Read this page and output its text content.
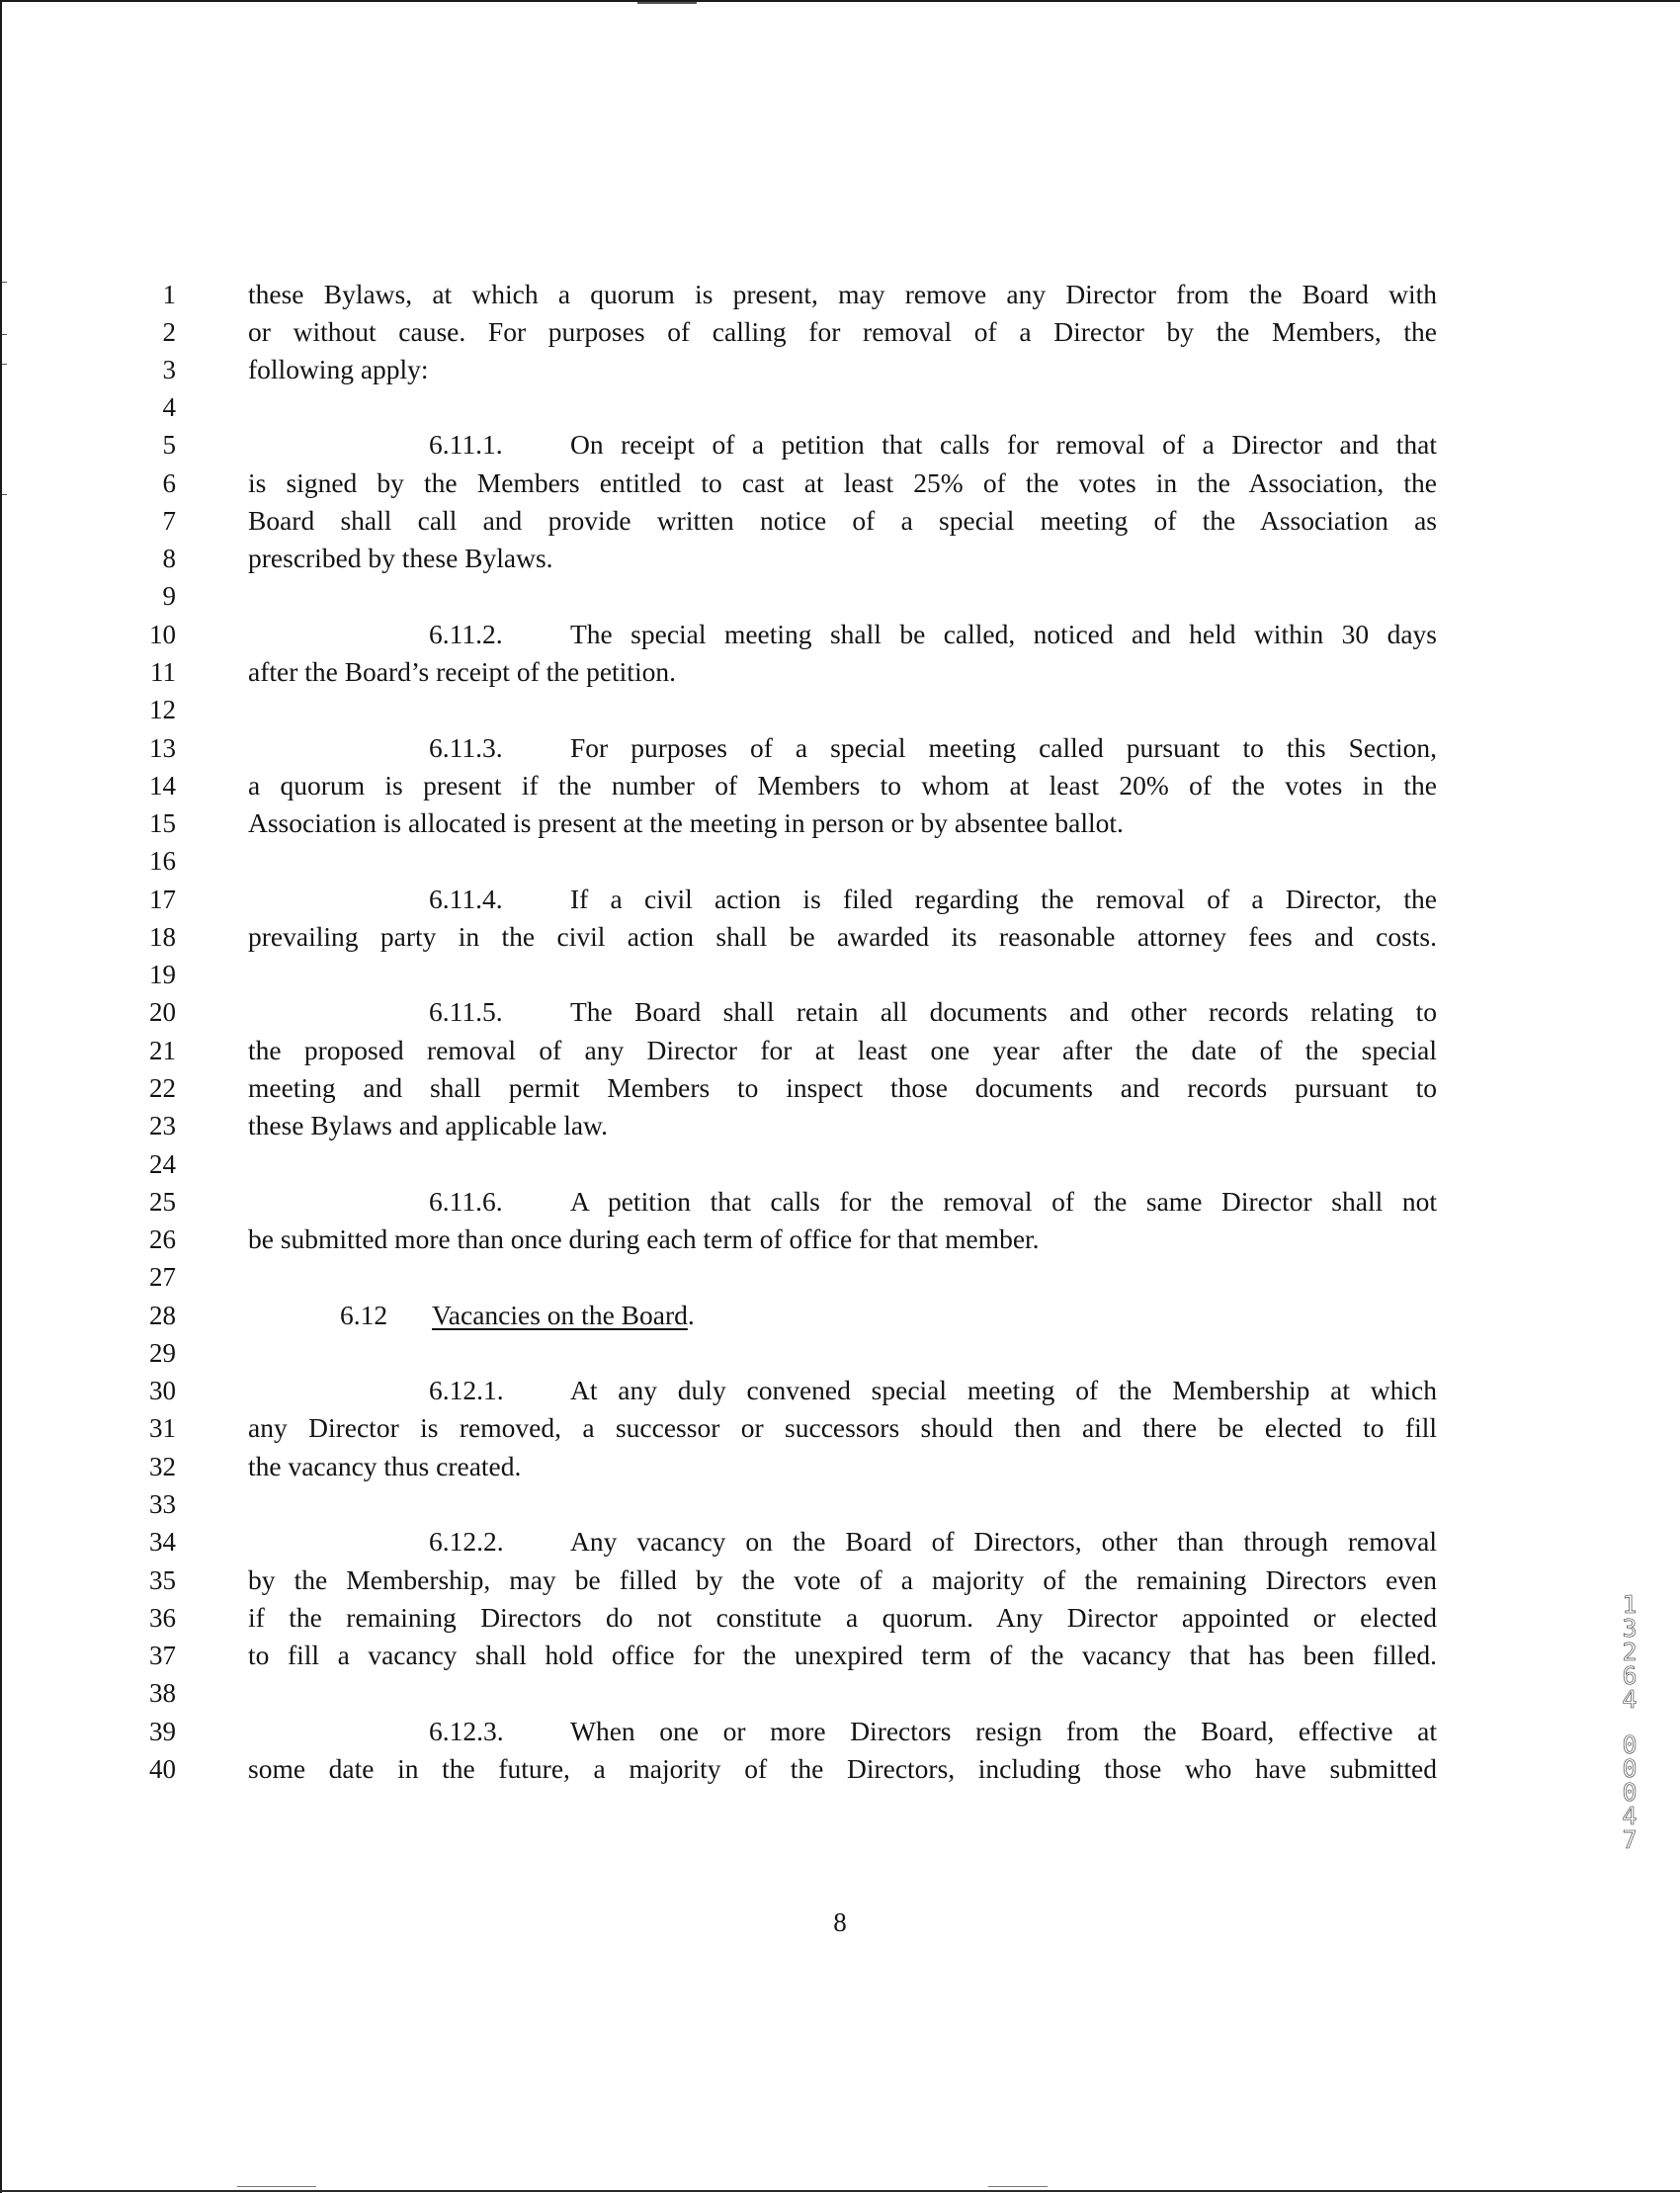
1
2
3
4
5
6
7
8
9
10
11
12
13
14
15
16
17
18
19
20
21
22
23
24
25
26
27
28
29
30
31
32
33
34
35
36
37
38
39
40
these Bylaws, at which a quorum is present, may remove any Director from the Board with
or without cause. For purposes of calling for removal of a Director by the Members, the
following apply:
6.11.1. On receipt of a petition that calls for removal of a Director and that
is signed by the Members entitled to cast at least 25% of the votes in the Association, the
Board shall call and provide written notice of a special meeting of the Association as
prescribed by these Bylaws.
6.11.2. The special meeting shall be called, noticed and held within 30 days
after the Board’s receipt of the petition.
6.11.3. For purposes of a special meeting called pursuant to this Section,
a quorum is present if the number of Members to whom at least 20% of the votes in the
Association is allocated is present at the meeting in person or by absentee ballot.
6.11.4. If a civil action is filed regarding the removal of a Director, the
prevailing party in the civil action shall be awarded its reasonable attorney fees and costs.
6.11.5. The Board shall retain all documents and other records relating to
the proposed removal of any Director for at least one year after the date of the special
meeting and shall permit Members to inspect those documents and records pursuant to
these Bylaws and applicable law.
6.11.6. A petition that calls for the removal of the same Director shall not
be submitted more than once during each term of office for that member.
6.12 Vacancies on the Board.
6.12.1. At any duly convened special meeting of the Membership at which
any Director is removed, a successor or successors should then and there be elected to fill
the vacancy thus created.
6.12.2. Any vacancy on the Board of Directors, other than through removal
by the Membership, may be filled by the vote of a majority of the remaining Directors even
if the remaining Directors do not constitute a quorum. Any Director appointed or elected
to fill a vacancy shall hold office for the unexpired term of the vacancy that has been filled.
6.12.3. When one or more Directors resign from the Board, effective at
some date in the future, a majority of the Directors, including those who have submitted
8
1
3
2
6
4
0
0
0
4
7
